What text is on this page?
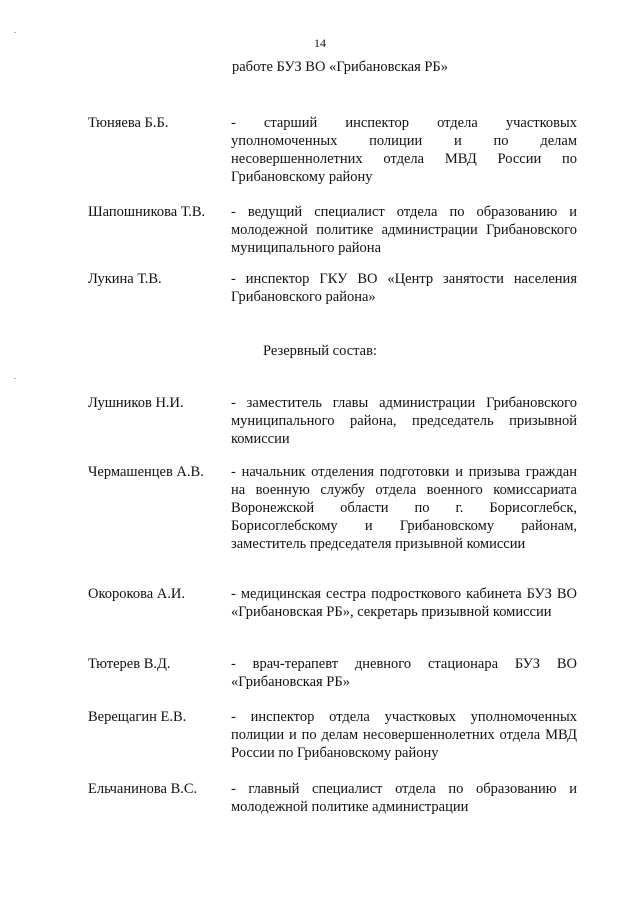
14
работе БУЗ ВО «Грибановская РБ»
Тюняева Б.Б.	- старший инспектор отдела участковых уполномоченных полиции и по делам несовершеннолетних отдела МВД России по Грибановскому району
Шапошникова Т.В.	- ведущий специалист отдела по образованию и молодежной политике администрации Грибановского муниципального района
Лукина Т.В.	- инспектор ГКУ ВО «Центр занятости населения Грибановского района»
Резервный состав:
Лушников Н.И.	- заместитель главы администрации Грибановского муниципального района, председатель призывной комиссии
Чермашенцев А.В.	- начальник отделения подготовки и призыва граждан на военную службу отдела военного комиссариата Воронежской области по г. Борисоглебск, Борисоглебскому и Грибановскому районам, заместитель председателя призывной комиссии
Окорокова А.И.	- медицинская сестра подросткового кабинета БУЗ ВО «Грибановская РБ», секретарь призывной комиссии
Тютерев В.Д.	- врач-терапевт дневного стационара БУЗ ВО «Грибановская РБ»
Верещагин Е.В.	- инспектор отдела участковых уполномоченных полиции и по делам несовершеннолетних отдела МВД России по Грибановскому району
Ельчанинова В.С.	- главный специалист отдела по образованию и молодежной политике администрации
